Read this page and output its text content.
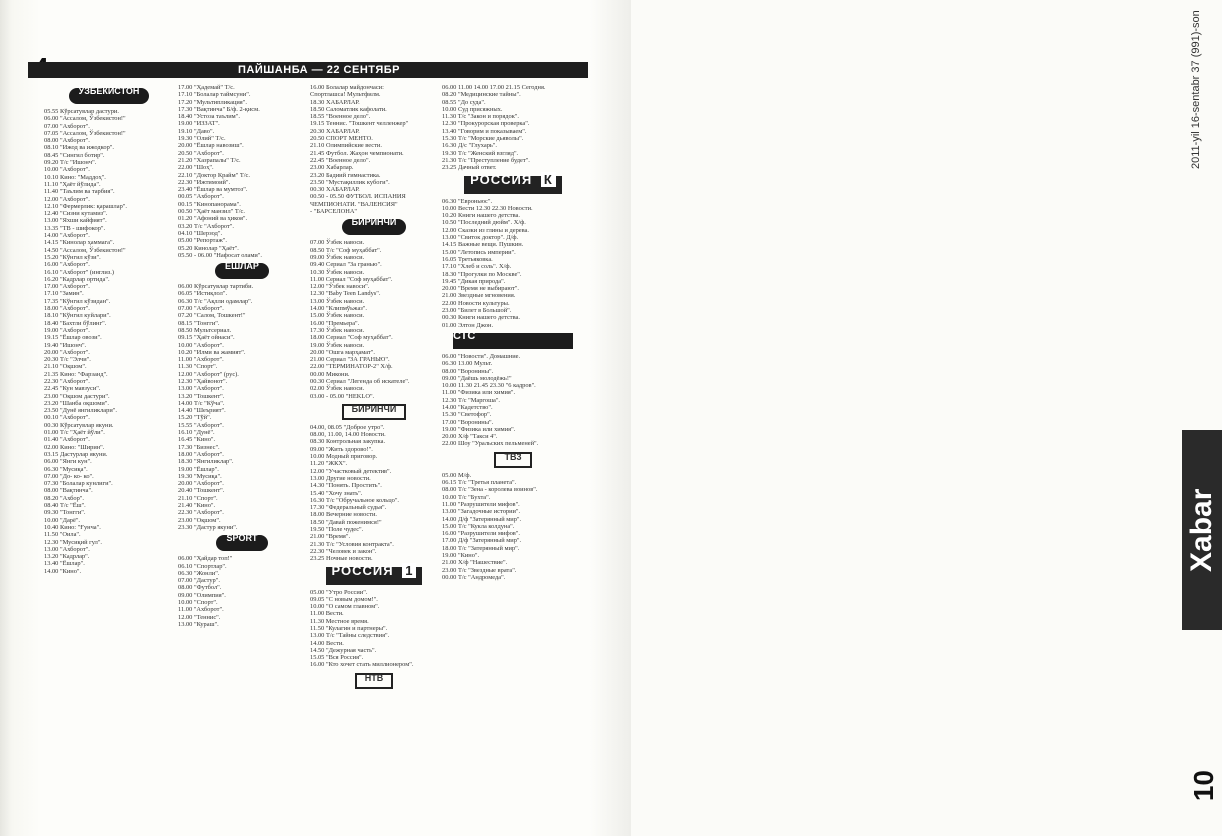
ПАЙШАНБА — 22 СЕНТЯБР
2011-yil 16-sentabr 37 (991)-son
Xabar
10
ЎЗБЕКИСТОН

05.55 Кўрсатувлар дастури.

06.00 "Ассалом, Ўзбекистон!"

07.00 "Ахборот".

07.05 "Ассалом, Ўзбекистон!"

08.00 "Ахборот".

08.10 "Ижод ва ижодкор".

08.45 "Сингил ботир".

09.20 Т/с "Ишонч".

10.00 "Ахборот".

10.10 Кино: "Маддоҳ".

11.10 "Ҳаёт йўлида".

11.40 "Таълим ва тарбия".

12.00 "Ахборот".

12.10 "Фермерлик: қарашлар".

12.40 "Сизни кутамиз".

13.00 "Яхши кайфият".

13.35 "ТВ - шифокор".

14.00 "Ахборот".

14.15 "Кинолар ҳаммага".

14.50 "Ассалом, Ўзбекистон!"

15.20 "Кўнгил кўзи".

16.00 "Ахборот".

16.10 "Ахборот" (инглиз.)

16.20 "Кадрлар ортида".

17.00 "Ахборот".

17.10 "Замин".

17.35 "Кўнгил кўзидан".

18.00 "Ахборот".

18.10 "Кўнгил куйлари".

18.40 "Бахтли бўлинг".

19.00 "Ахборот".

19.15 "Ёшлар овози".

19.40 "Ишонч".

20.00 "Ахборот".

20.30 Т/с "Элчи".

21.10 "Оқшом".

21.35 Кино: "Фарзанд".

22.30 "Ахборот".

22.45 "Кун мавзуси".

23.00 "Оқшом дастури".

23.20 "Шанба оқшоми".

23.50 "Дунё янгиликлари".

00.10 "Ахборот".

00.30 Кўрсатувлар якуни.

01.00 Т/с "Ҳаёт йўли".

01.40 "Ахборот".

02.00 Кино: "Ширин".

03.15 Дастурлар якуни.

06.00 "Янги кун".

06.30 "Мусиқа".

07.00 "До- ко- ко".

07.30 "Болалар кунлиги".

08.00 "Вақтинча".

08.20 "Ахбор".

08.40 Т/с "Ёш".

09.30 "Тонгги".

10.00 "Дарё".

10.40 Кино: "Ғунча".

11.50 "Оила".

12.30 "Мусиқий гул".

13.00 "Ахборот".

13.20 "Кадрлар".

13.40 "Ёшлар".

14.00 "Кино".

17.00 "Ҳадемай" Т/с.

17.10 "Болалар таймсуни".

17.20 "Мультипликация".

17.30 "Вақтинча" Б/ф. 2-қисм.

18.40 "Устоза таълим".

19.00 "ИЗЗАТ".

19.10 "Даво".

19.30 "Олий" Т/с.

20.00 "Ёшлар навозиш".

20.50 "Ахборот".

21.20 "Хазрапалы" Т/с.

22.00 "Шоҳ".

22.10 "Доктор Крайм" Т/с.

22.30 "Ижтимоий".

23.40 "Ёшлар ва мумтоз".

00.05 "Ахборот".

00.15 "Кинопанорама".

00.50 "Ҳаёт манзил" Т/с.

01.20 "Афоний ва ҳикоя".

03.20 Т/с "Ахборот".

04.10 "Шерзод".

05.00 "Репортаж".

05.20 Кинолар "Ҳаёт".

05.50 - 06.00 "Нафосат олами".

ЁШЛАР

06.00 Кўрсатувлар тартиби.

06.05 "Истиқлол".

06.30 Т/с "Ақлли одамлар".

07.00 "Ахборот".

07.20 "Салом, Тошкент!"

08.15 "Тонгги".

08.50 Мультсериал.

09.15 "Ҳаёт ойнаси".

10.00 "Ахборот".

10.20 "Илми ва жамият".

11.00 "Ахборот".

11.30 "Спорт".

12.00 "Ахборот" (рус).

12.30 "Ҳайвонот".

13.00 "Ахборот".

13.20 "Тошкент".

14.00 Т/с "Кўча".

14.40 "Шеърият".

15.20 "Тўй".

15.55 "Ахборот".

16.10 "Дунё".

16.45 "Кино".

17.30 "Бизнес".

18.00 "Ахборот".

18.30 "Янгиликлар".

19.00 "Ёшлар".

19.30 "Мусиқа".

20.00 "Ахборот".

20.40 "Тошкент".

21.10 "Спорт".

21.40 "Кино".

22.30 "Ахборот".

23.00 "Оқшом".

23.30 "Дастур якуни".

SPORT

06.00 "Ҳайдар топ!"

06.10 "Спортлар".

06.30 "Жонли".

07.00 "Дастур".

08.00 "Футбол".

09.00 "Олимпия".

10.00 "Спорт".

11.00 "Ахборот".

12.00 "Теннис".

13.00 "Кураш".

16.00 Болалар майдончаси:

Спортлашса! Мультфилм.

18.30 ХАБАРЛАР.

18.50 Саломатлик кафолати.

18.55 "Военное дело".

19.15 Теннис. "Тошкент челленжер"

20.30 ХАБАРЛАР.

20.50 СПОРТ МЕНТО.

21.10 Олимпийские вести.

21.45 Футбол. Жаҳон чемпионати.

22.45 "Военное дело".

23.00 Хабарлар.

23.20 Бадиий гимнастика.

23.50 "Мустақиллик кубоги".

00.30 ХАБАРЛАР.

00.50 - 05.50 ФУТБОЛ. ИСПАНИЯ

ЧЕМПИОНАТИ. "ВАЛЕНСИЯ"

- "БАРСЕЛОНА"

БИРИНЧИ

07.00 Ўзбек навоси.

08.50 Т/с "Соф муҳаббат".

09.00 Ўзбек навоси.

09.40 Сериал "За гранью".

10.30 Ўзбек навоси.

11.00 Сериал "Соф муҳаббат".

12.00 "Ўзбек навоси".

12.30 "Baby Teen Landys".

13.00 Ўзбек навоси.

14.00 "Клипмўьжаз".

15.00 Ўзбек навоси.

16.00 "Премьера".

17.30 Ўзбек навоси.

18.00 Сериал "Соф муҳаббат".

19.00 Ўзбек навоси.

20.00 "Ошга марҳамат".

21.00 Сериал "ЗА ГРАНЬЮ".

22.00 "ТЕРМИНАТОР-2" Х/ф.

00.00 Микони.

00.30 Сериал "Легенда об искателе".

02.00 Ўзбек навоси.

03.00 - 05.00 "HEKLO".

БИРИНЧИ

04.00, 08.05 "Доброе утро".

08.00, 11.00, 14.00 Новости.

08.30 Контрольная закупка.

09.00 "Жить здорово!".

10.00 Модный приговор.

11.20 "ЖКХ".

12.00 "Участковый детектив".

13.00 Другие новости.

14.30 "Понять. Простить".

15.40 "Хочу знать".

16.30 Т/с "Обручальное кольцо".

17.30 "Федеральный судья".

18.00 Вечерние новости.

18.50 "Давай поженимся!"

19.50 "Поле чудес".

21.00 "Время".

21.30 Т/с "Условия контракта".

22.30 "Человек и закон".

23.25 Ночные новости.

РОССИЯ 1

05.00 "Утро России".

09.05 "С новым домом!".

10.00 "О самом главном".

11.00 Вести.

11.30 Местное время.

11.50 "Кулагин и партнеры".

13.00 Т/с "Тайны следствия".

14.00 Вести.

14.50 "Дежурная часть".

15.05 "Вся Россия".

16.00 "Кто хочет стать миллионером".

НТВ

06.00 11.00 14.00 17.00 21.15 Сегодня.

08.20 "Медицинские тайны".

08.55 "До суда".

10.00 Суд присяжных.

11.30 Т/с "Закон и порядок".

12.30 "Прокурорская проверка".

13.40 "Говорим и показываем".

15.30 Т/с "Морские дьяволы".

16.30 Д/с "Глухарь".

19.30 Т/с "Женский взгляд".

21.30 Т/с "Преступление будет".

23.25 Дачный ответ.

РОССИЯ К

06.30 "Евроньюс".

10.00 Вести 12.30 22.30 Новости.

10.20 Книги нашего детства.

10.50 "Последний дюйм". Х/ф.

12.00 Сказки из глины и дерева.

13.00 "Свиток доктор". Д/ф.

14.15 Важные вещи. Пушкин.

15.00 "Летопись империи".

16.05 Третьяковка.

17.10 "Хлеб и соль". Х/ф.

18.30 "Прогулки по Москве".

19.45 "Дикая природа".

20.00 "Время не выбирают".

21.00 Звездные мгновения.

22.00 Новости культуры.

23.00 "Билет в Большой".

00.30 Книги нашего детства.

01.00 Элтон Джон.

СТС

06.00 "Новости". Домашние.

06.30 13.00 Мульт.

08.00 "Воронины".

09.00 "Даёшь молодёжь!"

10.00 11.30 21.45 23.30 "6 кадров".

11.00 "Физика или химия".

12.30 Т/с "Маргоша".

14.00 "Кадетство".

15.30 "Светофор".

17.00 "Воронины".

19.00 "Физика или химия".

20.00 Х/ф "Такси 4".

22.00 Шоу "Уральских пельменей".

ТВ3

05.00 М/ф.

06.15 Т/с "Третья планета".

08.00 Т/с "Зена - королева воинов".

10.00 Т/с "Бухта".

11.00 "Разрушители мифов".

13.00 "Загадочные истории".

14.00 Д/ф "Затерянный мир".

15.00 Т/с "Кукла колдуна".

16.00 "Разрушители мифов".

17.00 Д/ф "Затерянный мир".

18.00 Т/с "Затерянный мир".

19.00 "Кино".

21.00 Х/ф "Нашествие".

23.00 Т/с "Звездные врата".

00.00 Т/с "Андромеда".
